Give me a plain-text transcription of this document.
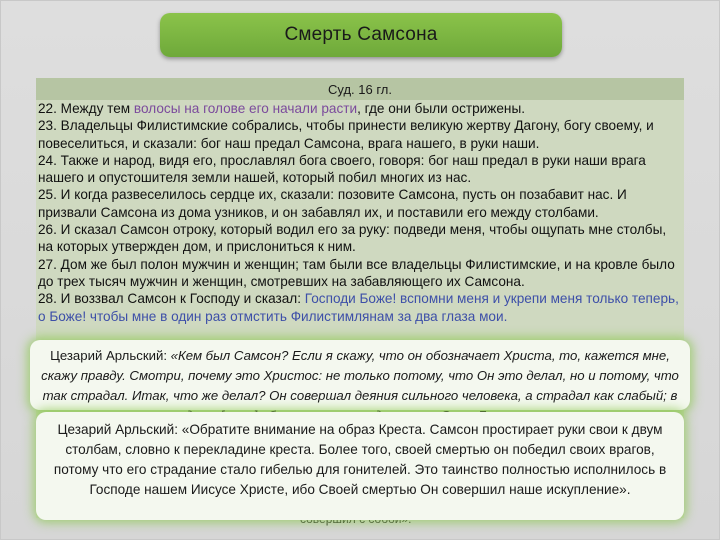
Смерть Самсона
Суд. 16 гл.
22. Между тем волосы на голове его начали расти, где они были острижены.
23. Владельцы Филистимские собрались, чтобы принести великую жертву Дагону, богу своему, и повеселиться, и сказали: бог наш предал Самсона, врага нашего, в руки наши.
24. Также и народ, видя его, прославлял бога своего, говоря: бог наш предал в руки наши врага нашего и опустошителя земли нашей, который побил многих из нас.
25. И когда развеселилось сердце их, сказали: позовите Самсона, пусть он позабавит нас. И призвали Самсона из дома узников, и он забавлял их, и поставили его между столбами.
26. И сказал Самсон отроку, который водил его за руку: подведи меня, чтобы ощупать мне столбы, на которых утвержден дом, и прислониться к ним.
27. Дом же был полон мужчин и женщин; там были все владельцы Филистимские, и на кровле было до трех тысяч мужчин и женщин, смотревших на забавляющего их Самсона.
28. И воззвал Самсон к Господу и сказал: Господи Боже! вспомни меня и укрепи меня только теперь, о Боже! чтобы мне в один раз отмстить Филистимлянам за два глаза мои.

Цезарий Арльский: «Кем был Самсон? Если я скажу, что он обозначает Христа, то, кажется мне, скажу правду. Смотри, почему это Христос: не только потому, что Он это делал, но и потому, что так страдал. Итак, что же делал? Он совершал деяния сильного человека, а страдал как слабый; в

Цезарий Арльский: «Обратите внимание на образ Креста. Самсон простирает руки свои к двум столбам, словно к перекладине креста. Более того, своей смертью он победил своих врагов, потому что его страдание стало гибелью для гонителей. Это таинство полностью исполнилось в Господе нашем Иисусе Христе, ибо Своей смертью Он совершил наше искупление».
